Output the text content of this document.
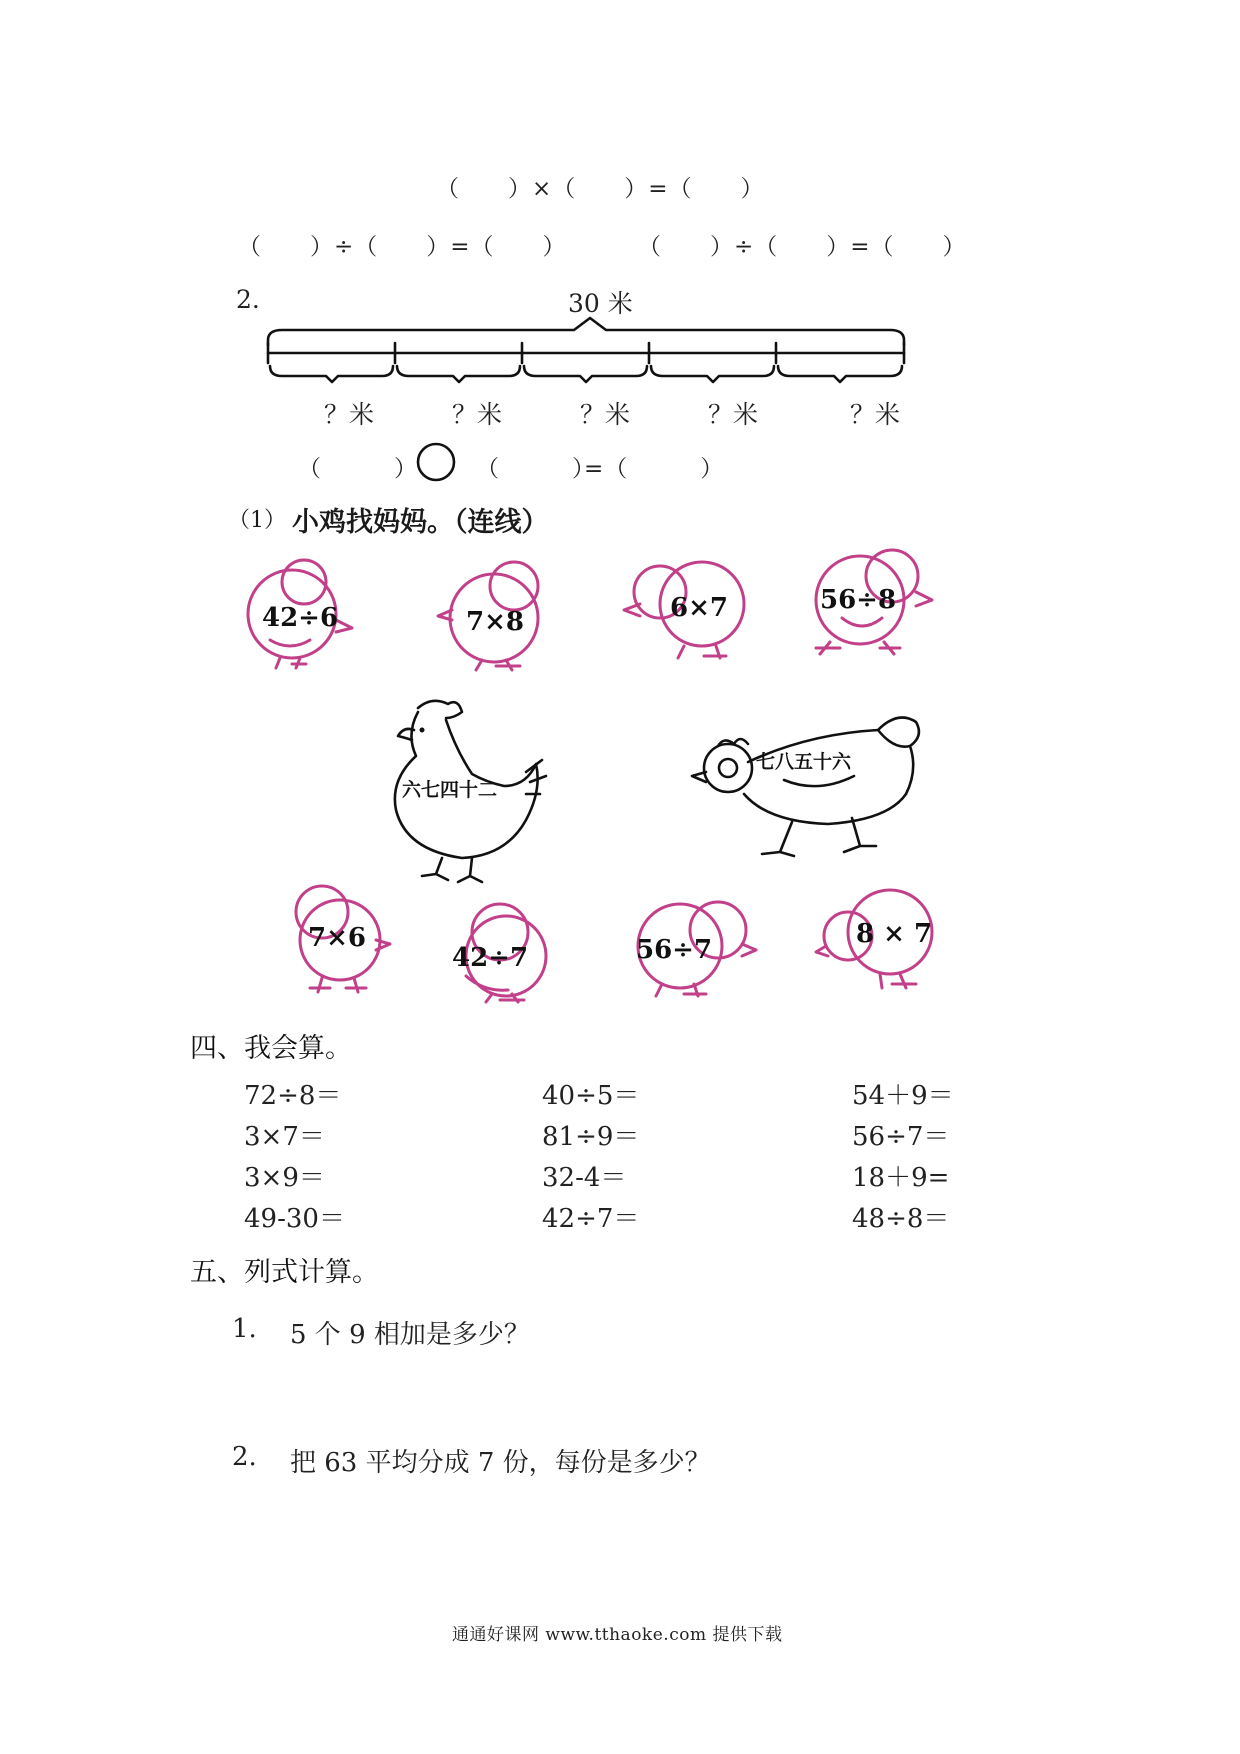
（　　）×（　　）=（　　）
（　　）÷（　　）=（　　）	（　　）÷（　　）=（　　）
2.	30 米
？米	？米	？米	？米	？米
（　　　）	（　　　）
=（　　　）
（1） 小鸡找妈妈。（连线）
42÷6	7×8	6×7	56÷8
六七四十二
七八五十六
7×6
42÷7	56÷7
8 × 7
四、我会算。
72÷8＝	40÷5＝	54＋9＝
3×7＝	81÷9＝	56÷7＝
3×9＝	32-4＝	18＋9=
49-30＝	42÷7＝	48÷8＝
五、列式计算。
1. 5 个 9 相加是多少？
2. 把 63 平均分成 7 份，每份是多少？
通通好课网 www.tthaoke.com 提供下载
